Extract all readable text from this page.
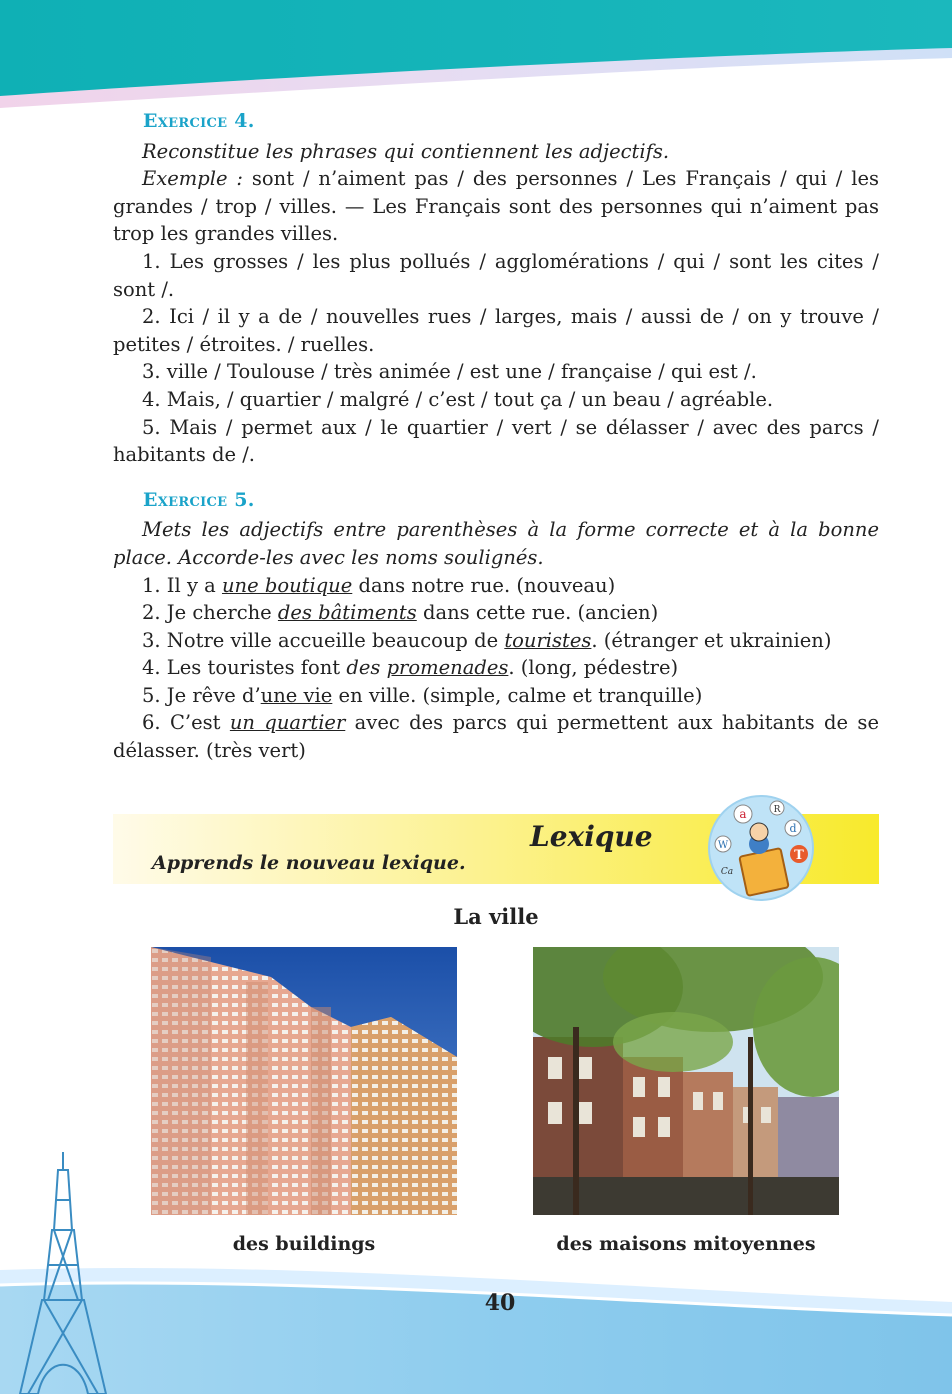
Exercice 4.

Reconstitue les phrases qui contiennent les adjectifs.

Exemple : sont / n’aiment pas / des personnes / Les Français / qui / les grandes / trop / villes. — Les Français sont des personnes qui n’aiment pas trop les grandes villes.

1. Les grosses / les plus pollués / agglomérations / qui / sont les cites / sont /.

2. Ici / il y a de / nouvelles rues / larges, mais / aussi de / on y trouve / petites / étroites. / ruelles.

3. ville / Toulouse / très animée / est une / française / qui est /.

4. Mais, / quartier / malgré / c’est / tout ça / un beau / agréable.

5. Mais / permet aux / le quartier / vert / se délasser / avec des parcs / habitants de /.

Exercice 5.

Mets les adjectifs entre parenthèses à la forme correcte et à la bonne place. Accorde-les avec les noms soulignés.

1. Il y a une boutique dans notre rue. (nouveau)

2. Je cherche des bâtiments dans cette rue. (ancien)

3. Notre ville accueille beaucoup de touristes. (étranger et ukrainien)

4. Les touristes font des promenades. (long, pédestre)

5. Je rêve d’une vie en ville. (simple, calme et tranquille)

6. C’est un quartier avec des parcs qui permettent aux habitants de se délasser. (très vert)

Lexique
Apprends le nouveau lexique.
a
d
R
T
W
Ca
La ville
des buildings	des maisons mitoyennes
40
